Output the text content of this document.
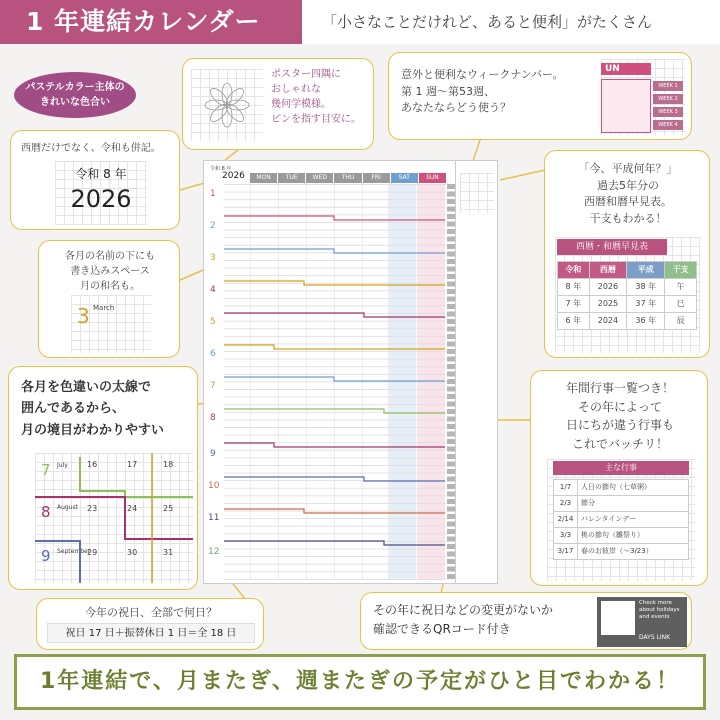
1 年連結カレンダー	「小さなことだけれど、あると便利」がたくさん
パステルカラー主体の
きれいな色合い
ポスター四隅に
おしゃれな
幾何学模様。
ピンを指す目安に。
意外と便利なウィークナンバー。
第 1 週〜第53週、
あなたならどう使う？
UN
WEEK 1
WEEK 2
WEEK 3
WEEK 4
西暦だけでなく、令和も併記。
令和 8 年
2026
「今、平成何年？」
過去5年分の
西暦和暦早見表。
干支もわかる！
西暦・和暦早見表
令和	西暦	平成	干支
8 年	2026	38 年	午
7 年	2025	37 年	巳
6 年	2024	36 年	辰
各月の名前の下にも
書き込みスペース
月の和名も。
3 March
各月を色違いの太線で
囲んであるから、
月の境目がわかりやすい
7 July
8 August
9 September
16	17	18
23	24	25
29	30	31
年間行事一覧つき！
その年によって
日にちが違う行事も
これでバッチリ！
主な行事
1/7	人日の節句（七草粥）
2/3	節分
2/14	バレンタインデー
3/3	桃の節句（雛祭り）
3/17	春のお彼岸（〜3/23）
今年の祝日、全部で何日？
祝日 17 日＋振替休日 1 日＝全 18 日
その年に祝日などの変更がないか
確認できるQRコード付き
Check more
about holidays
and events
DAYS LINK
令和 8 年
2026	MON	TUE	WED	THU	FRI	SAT	SUN
1
2
3
4
5
6
7
8
9
10
11
12
1年連結で、月またぎ、週またぎの予定がひと目でわかる！
